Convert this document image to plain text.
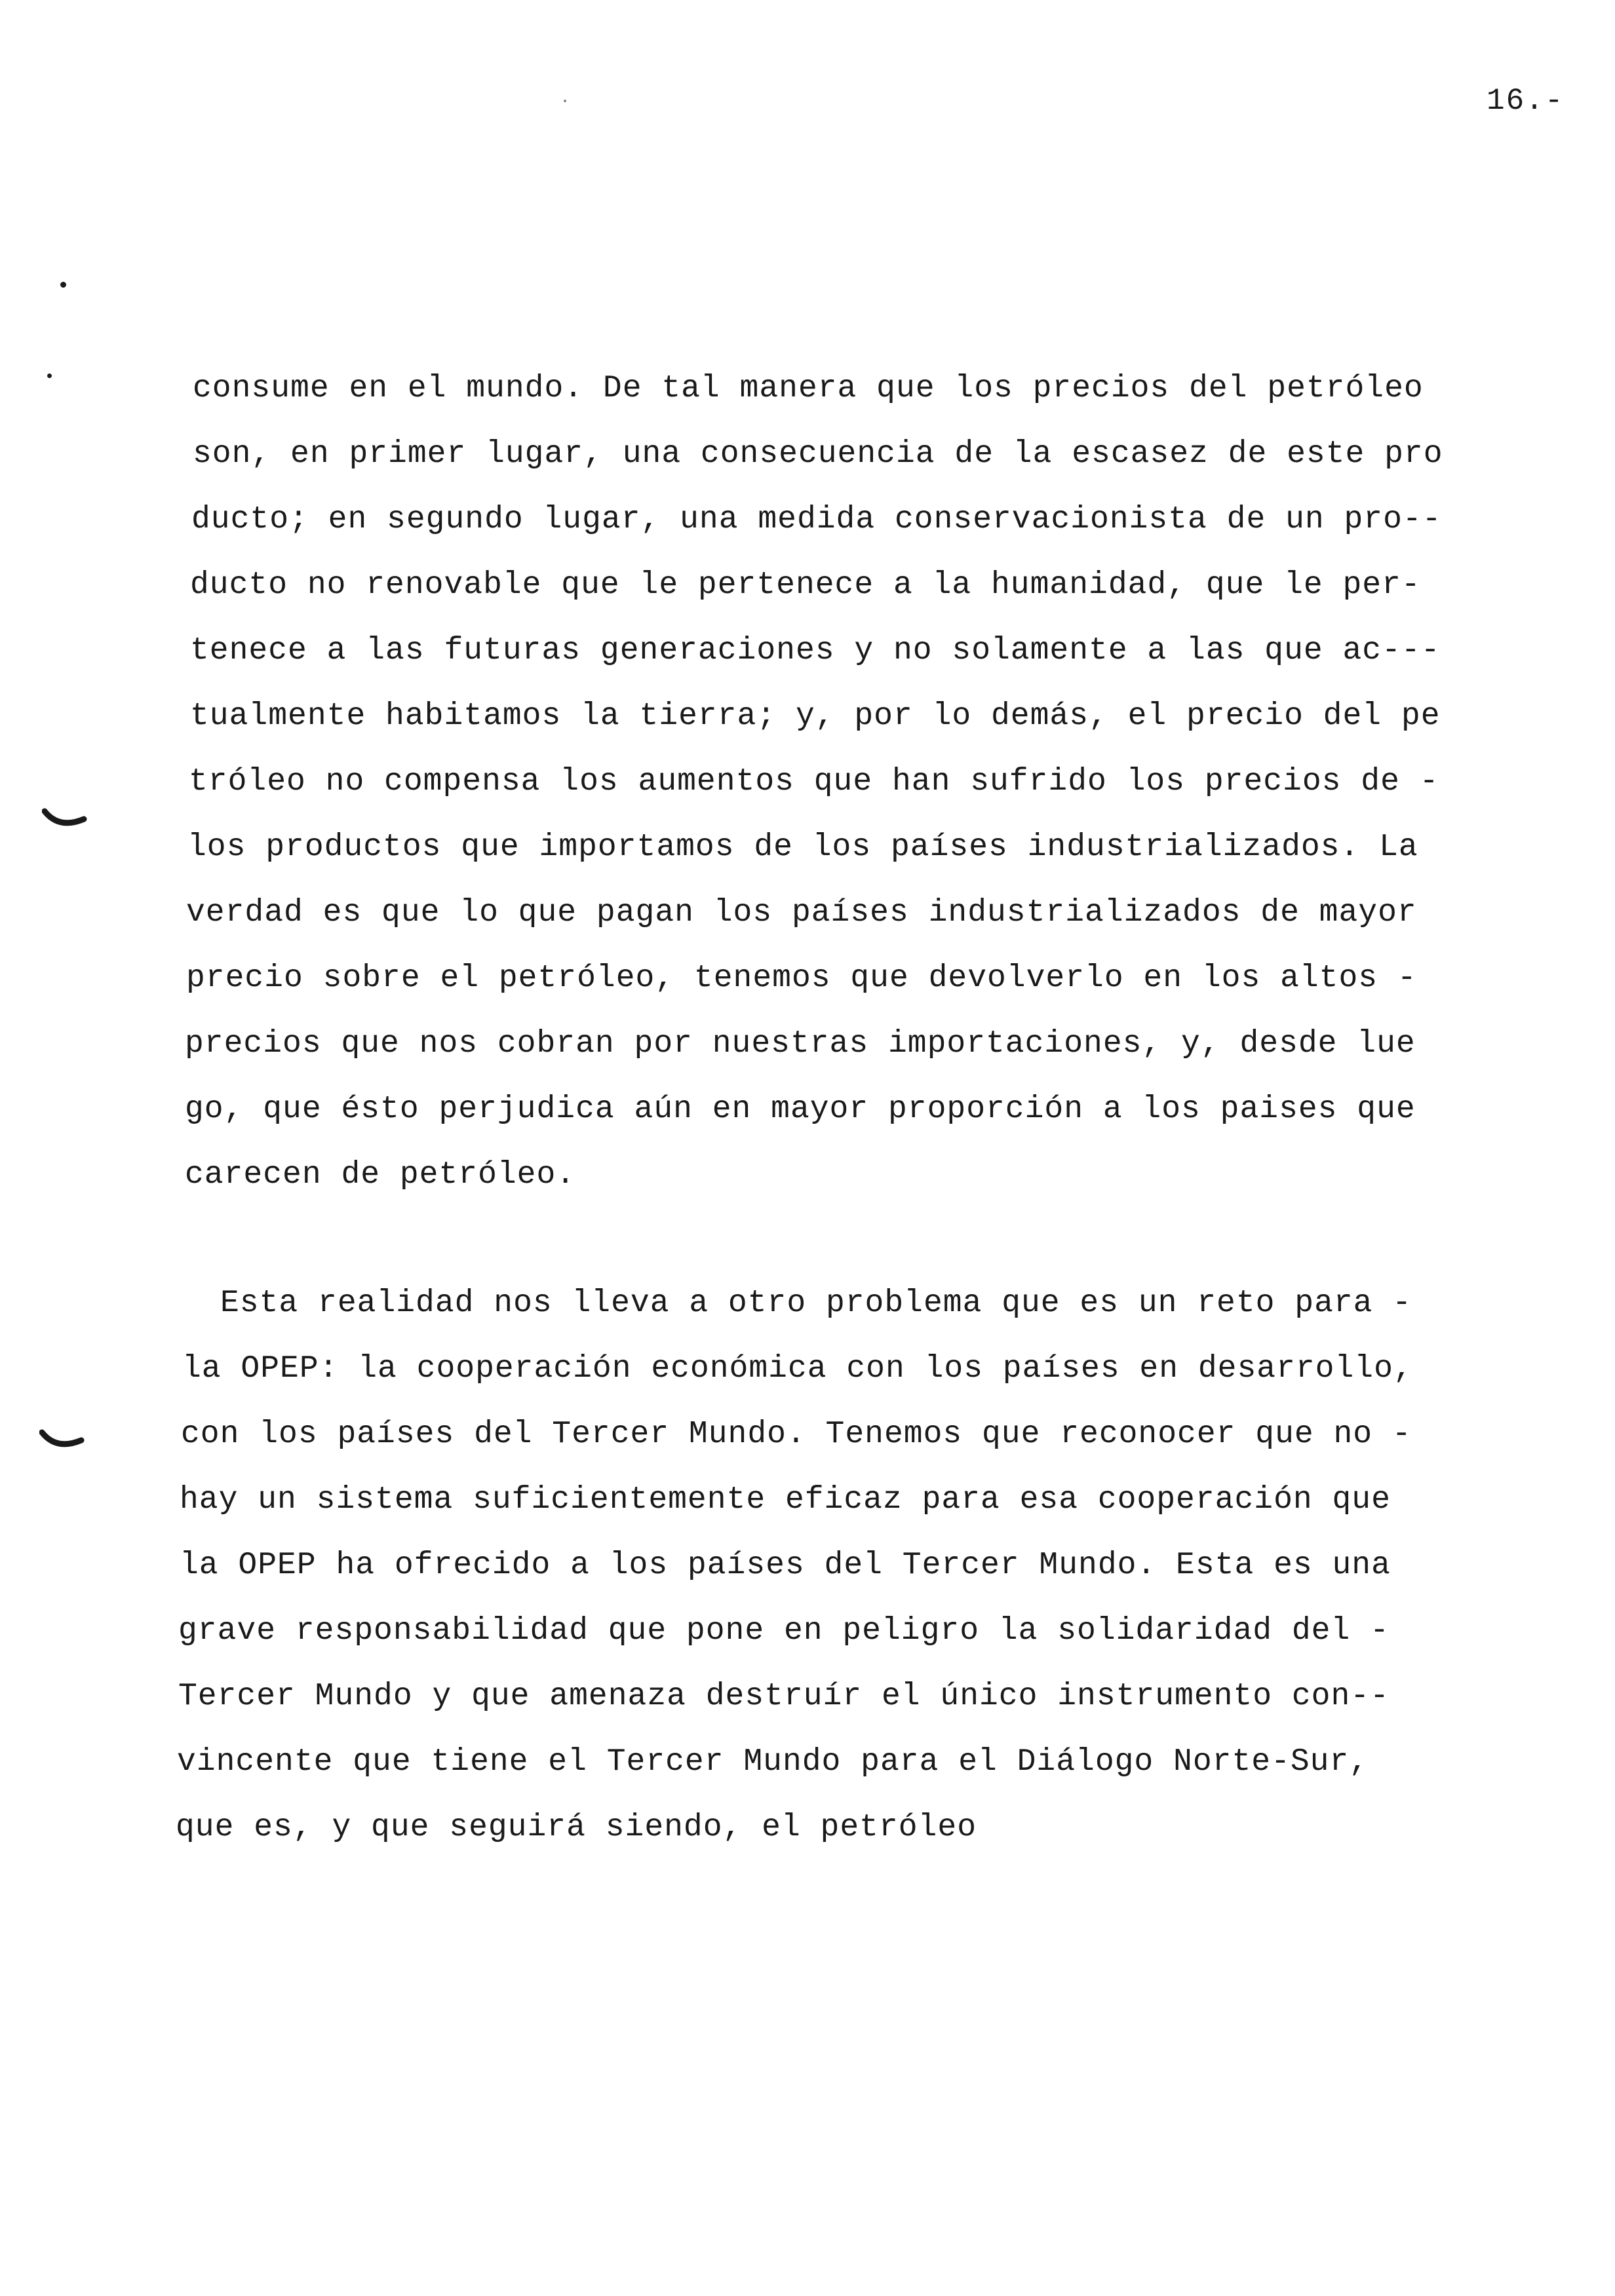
16.-
consume en el mundo. De tal manera que los precios del petróleo
son, en primer lugar, una consecuencia de la escasez de este pro
ducto; en segundo lugar, una medida conservacionista de un pro--
ducto no renovable que le pertenece a la humanidad, que le per-
tenece a las futuras generaciones y no solamente a las que ac---
tualmente habitamos la tierra; y, por lo demás, el precio del pe
tróleo no compensa los aumentos que han sufrido los precios de -
los productos que importamos de los países industrializados. La
verdad es que lo que pagan los países industrializados de mayor
precio sobre el petróleo, tenemos que devolverlo en los altos -
precios que nos cobran por nuestras importaciones, y, desde lue
go, que ésto perjudica aún en mayor proporción a los paises que
carecen de petróleo.
Esta realidad nos lleva a otro problema que es un reto para -
la OPEP: la cooperación económica con los países en desarrollo,
con los países del Tercer Mundo. Tenemos que reconocer que no -
hay un sistema suficientemente eficaz para esa cooperación que
la OPEP ha ofrecido a los países del Tercer Mundo. Esta es una
grave responsabilidad que pone en peligro la solidaridad del -
Tercer Mundo y que amenaza destruír el único instrumento con--
vincente que tiene el Tercer Mundo para el Diálogo Norte-Sur,
que es, y que seguirá siendo, el petróleo
